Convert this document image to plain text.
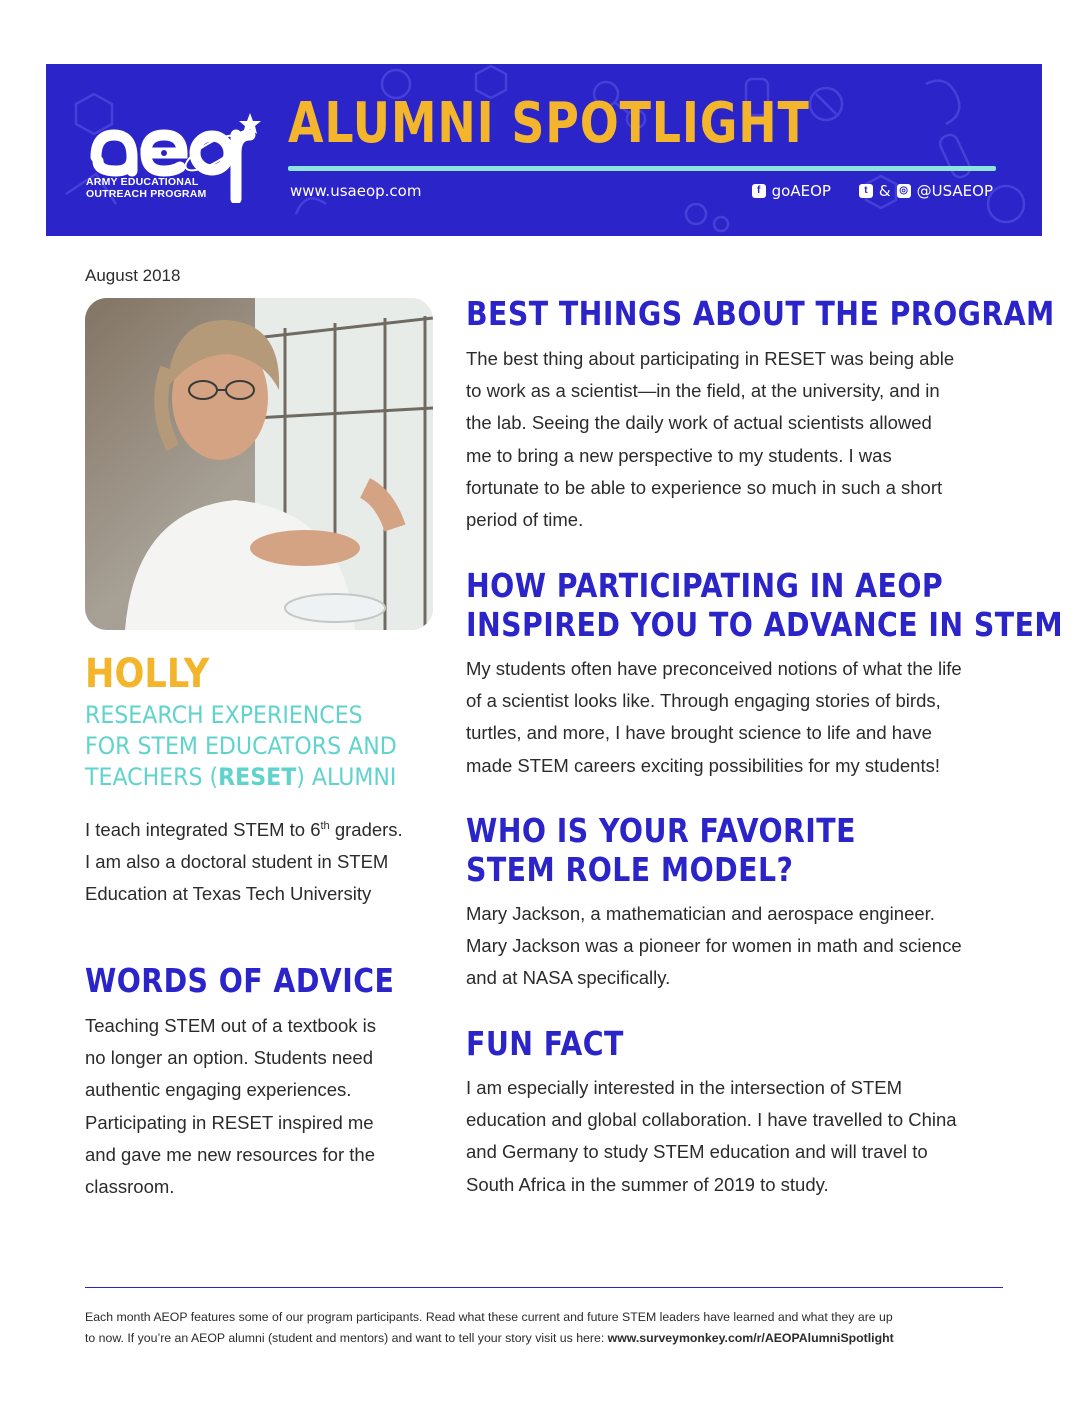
ARMY EDUCATIONAL
OUTREACH PROGRAM
ALUMNI SPOTLIGHT
www.usaeop.com	f goAEOP	t & ◎ @USAEOP
August 2018
HOLLY
RESEARCH EXPERIENCES
FOR STEM EDUCATORS AND
TEACHERS (RESET) ALUMNI
I teach integrated STEM to 6th graders.
I am also a doctoral student in STEM
Education at Texas Tech University
WORDS OF ADVICE
Teaching STEM out of a textbook is
no longer an option. Students need
authentic engaging experiences.
Participating in RESET inspired me
and gave me new resources for the
classroom.
BEST THINGS ABOUT THE PROGRAM
The best thing about participating in RESET was being able
to work as a scientist—in the field, at the university, and in
the lab. Seeing the daily work of actual scientists allowed
me to bring a new perspective to my students. I was
fortunate to be able to experience so much in such a short
period of time.
HOW PARTICIPATING IN AEOP
INSPIRED YOU TO ADVANCE IN STEM
My students often have preconceived notions of what the life
of a scientist looks like. Through engaging stories of birds,
turtles, and more, I have brought science to life and have
made STEM careers exciting possibilities for my students!
WHO IS YOUR FAVORITE
STEM ROLE MODEL?
Mary Jackson, a mathematician and aerospace engineer.
Mary Jackson was a pioneer for women in math and science
and at NASA specifically.
FUN FACT
I am especially interested in the intersection of STEM
education and global collaboration. I have travelled to China
and Germany to study STEM education and will travel to
South Africa in the summer of 2019 to study.
Each month AEOP features some of our program participants. Read what these current and future STEM leaders have learned and what they are up
to now. If you’re an AEOP alumni (student and mentors) and want to tell your story visit us here: www.surveymonkey.com/r/AEOPAlumniSpotlight
